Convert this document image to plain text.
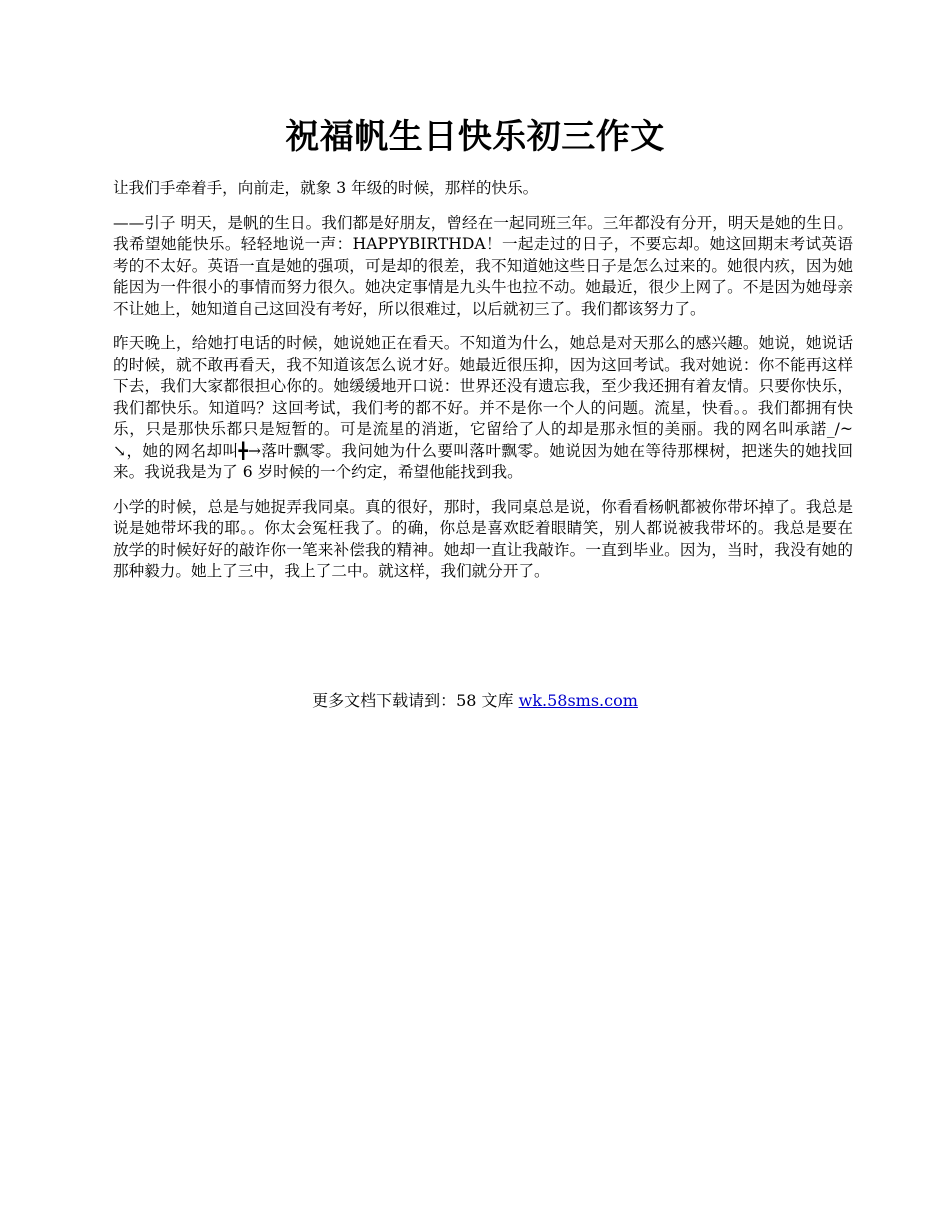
祝福帆生日快乐初三作文

让我们手牵着手，向前走，就象 3 年级的时候，那样的快乐。

——引子 明天，是帆的生日。我们都是好朋友，曾经在一起同班三年。三年都没有分开，明天是她的生日。我希望她能快乐。轻轻地说一声：HAPPYBIRTHDA！一起走过的日子，不要忘却。她这回期末考试英语考的不太好。英语一直是她的强项，可是却的很差，我不知道她这些日子是怎么过来的。她很内疚，因为她能因为一件很小的事情而努力很久。她决定事情是九头牛也拉不动。她最近，很少上网了。不是因为她母亲不让她上，她知道自己这回没有考好，所以很难过，以后就初三了。我们都该努力了。

昨天晚上，给她打电话的时候，她说她正在看天。不知道为什么，她总是对天那么的感兴趣。她说，她说话的时候，就不敢再看天，我不知道该怎么说才好。她最近很压抑，因为这回考试。我对她说：你不能再这样下去，我们大家都很担心你的。她缓缓地开口说：世界还没有遗忘我，至少我还拥有着友情。只要你快乐，我们都快乐。知道吗？这回考试，我们考的都不好。并不是你一个人的问题。流星，快看。。我们都拥有快乐，只是那快乐都只是短暂的。可是流星的消逝，它留给了人的却是那永恒的美丽。我的网名叫承諾_/~↘，她的网名却叫╋→落叶飘零。我问她为什么要叫落叶飘零。她说因为她在等待那棵树，把迷失的她找回来。我说我是为了 6 岁时候的一个约定，希望他能找到我。

小学的时候，总是与她捉弄我同桌。真的很好，那时，我同桌总是说，你看看杨帆都被你带坏掉了。我总是说是她带坏我的耶。。你太会冤枉我了。的确，你总是喜欢眨着眼睛笑，别人都说被我带坏的。我总是要在放学的时候好好的敲诈你一笔来补偿我的精神。她却一直让我敲诈。一直到毕业。因为，当时，我没有她的那种毅力。她上了三中，我上了二中。就这样，我们就分开了。

更多文档下载请到：58 文库 wk.58sms.com
